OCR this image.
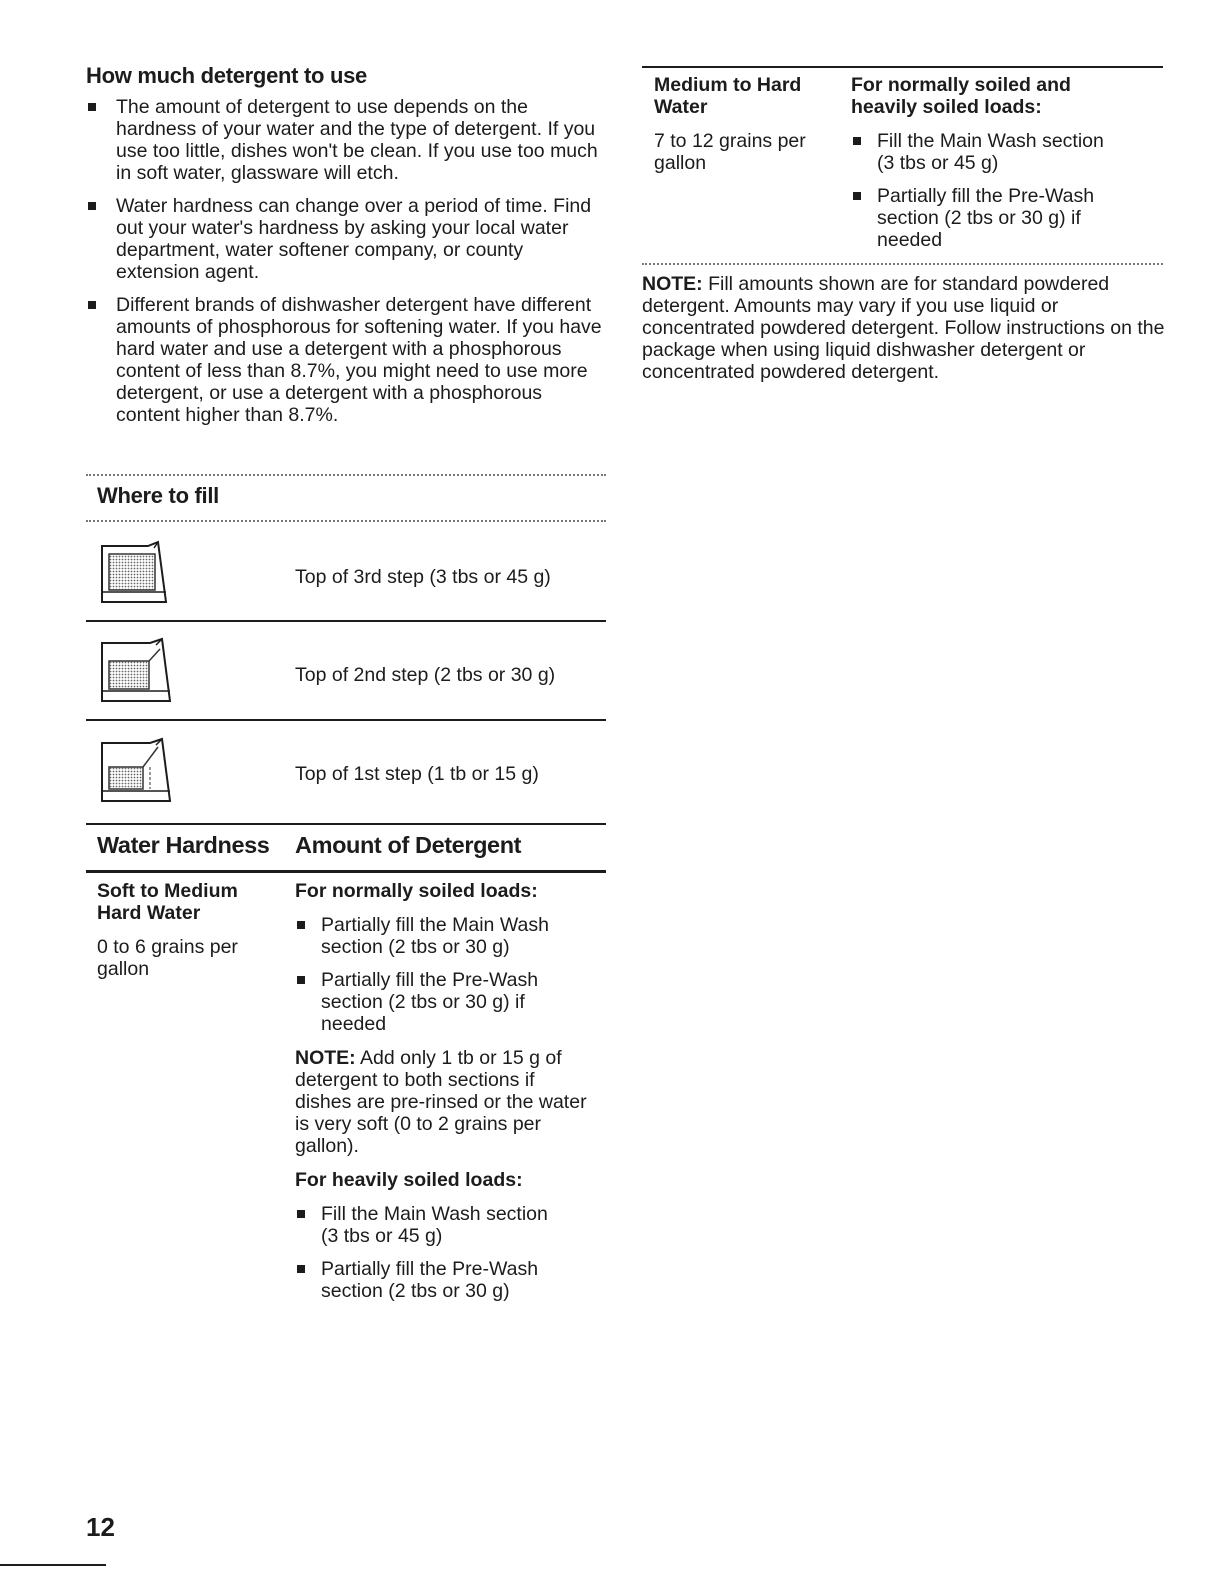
How much detergent to use
The amount of detergent to use depends on the hardness of your water and the type of detergent. If you use too little, dishes won't be clean. If you use too much in soft water, glassware will etch.
Water hardness can change over a period of time. Find out your water's hardness by asking your local water department, water softener company, or county extension agent.
Different brands of dishwasher detergent have different amounts of phosphorous for softening water. If you have hard water and use a detergent with a phosphorous content of less than 8.7%, you might need to use more detergent, or use a detergent with a phosphorous content higher than 8.7%.
Where to fill
Top of 3rd step (3 tbs or 45 g)
Top of 2nd step (2 tbs or 30 g)
Top of 1st step (1 tb or 15 g)
Water Hardness Amount of Detergent

Soft to Medium Hard Water

0 to 6 grains per gallon

For normally soiled loads:

Partially fill the Main Wash section (2 tbs or 30 g)
Partially fill the Pre-Wash section (2 tbs or 30 g) if needed

NOTE: Add only 1 tb or 15 g of detergent to both sections if dishes are pre-rinsed or the water is very soft (0 to 2 grains per gallon).

For heavily soiled loads:

Fill the Main Wash section (3 tbs or 45 g)
Partially fill the Pre-Wash section (2 tbs or 30 g)

Medium to Hard Water

7 to 12 grains per gallon

For normally soiled and heavily soiled loads:

Fill the Main Wash section (3 tbs or 45 g)
Partially fill the Pre-Wash section (2 tbs or 30 g) if needed

NOTE: Fill amounts shown are for standard powdered detergent. Amounts may vary if you use liquid or concentrated powdered detergent. Follow instructions on the package when using liquid dishwasher detergent or concentrated powdered detergent.

12
